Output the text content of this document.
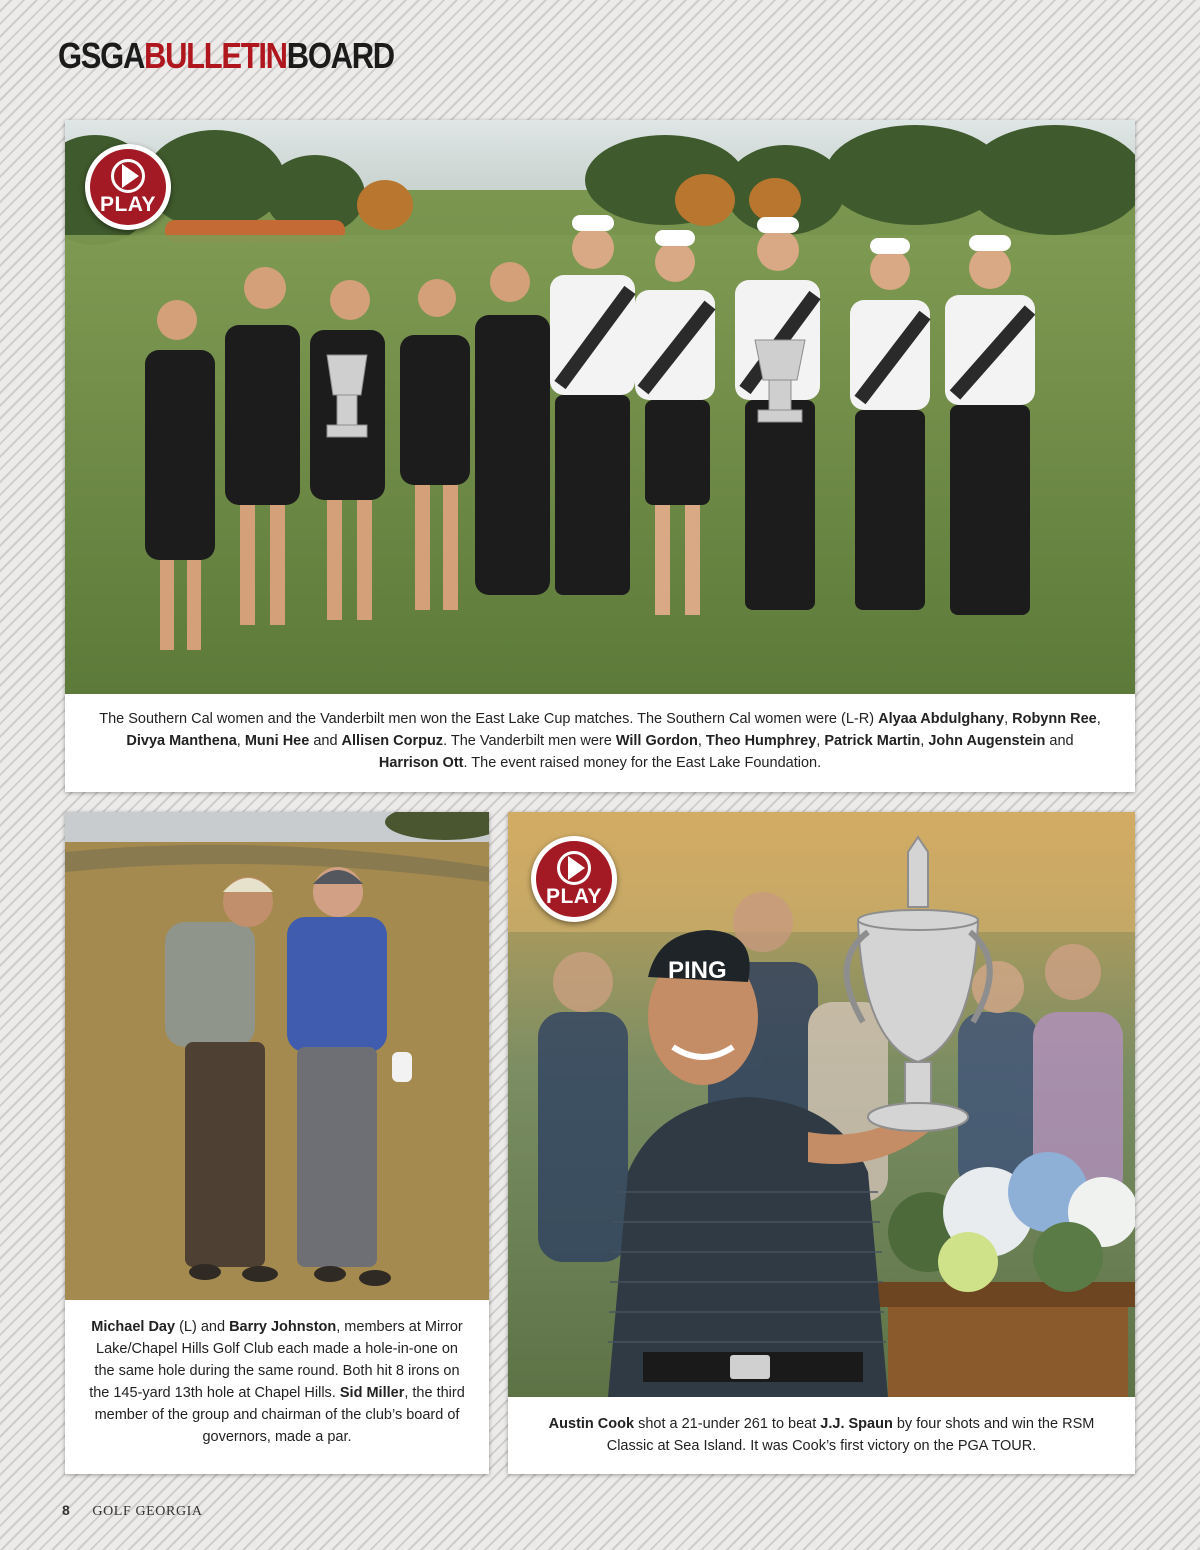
GSGABULLETINBOARD
PLAY
The Southern Cal women and the Vanderbilt men won the East Lake Cup matches. The Southern Cal women were (L-R) Alyaa Abdulghany, Robynn Ree, Divya Manthena, Muni Hee and Allisen Corpuz. The Vanderbilt men were Will Gordon, Theo Humphrey, Patrick Martin, John Augenstein and Harrison Ott. The event raised money for the East Lake Foundation.
Michael Day (L) and Barry Johnston, members at Mirror Lake/Chapel Hills Golf Club each made a hole-in-one on the same hole during the same round. Both hit 8 irons on the 145-yard 13th hole at Chapel Hills. Sid Miller, the third member of the group and chairman of the club’s board of governors, made a par.
PING
PLAY
Austin Cook shot a 21-under 261 to beat J.J. Spaun by four shots and win the RSM Classic at Sea Island. It was Cook’s first victory on the PGA TOUR.
8 GOLF GEORGIA
